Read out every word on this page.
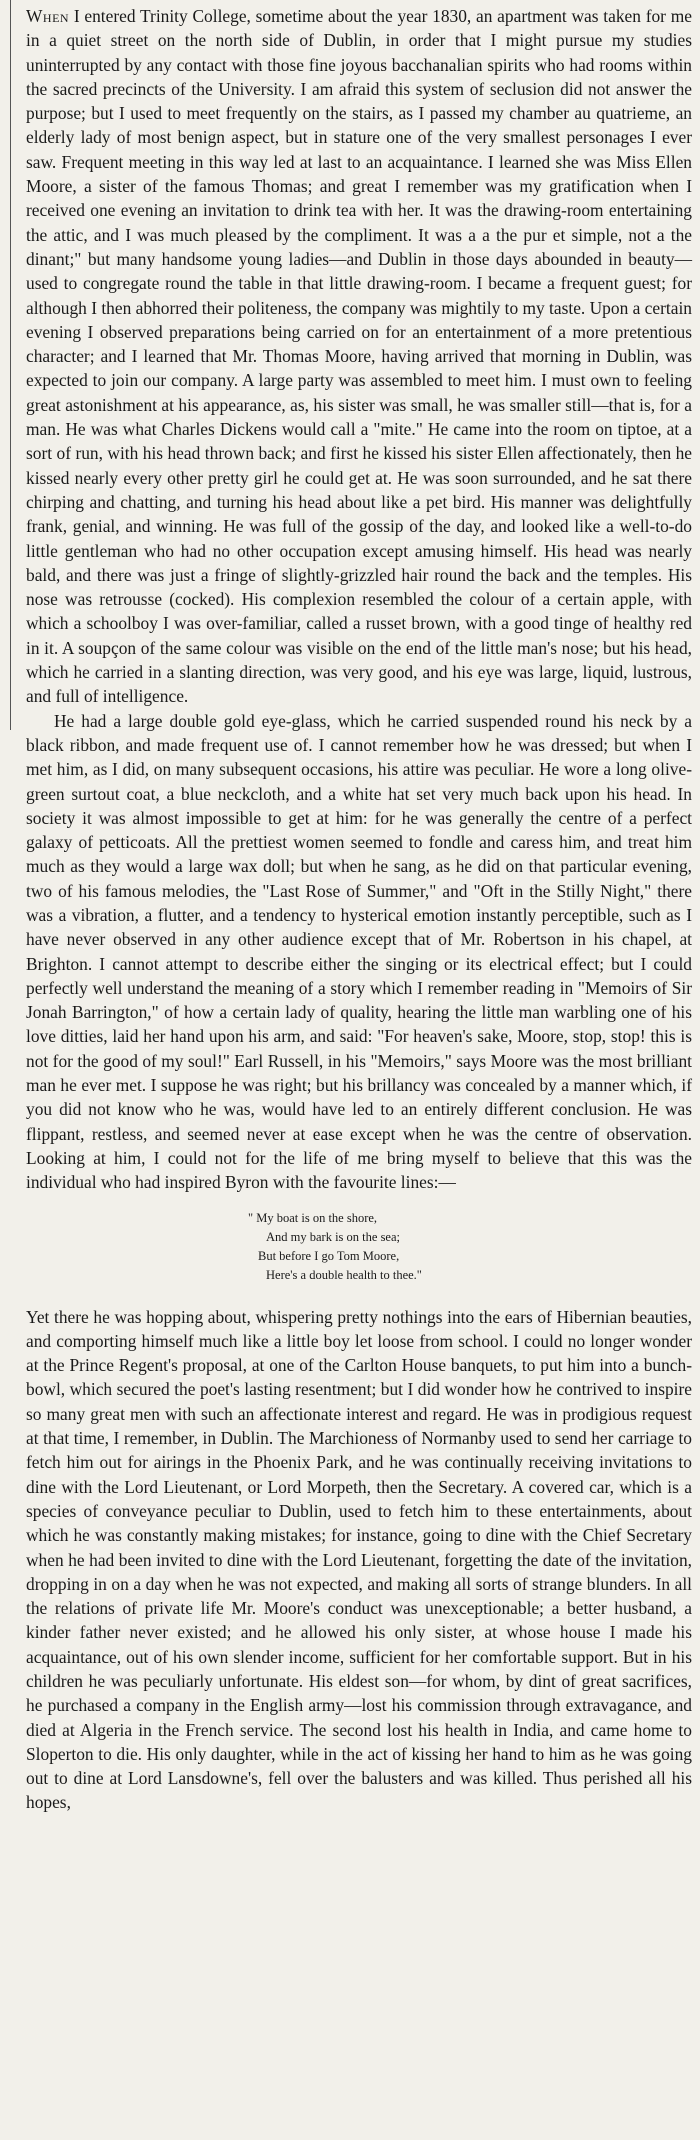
When I entered Trinity College, sometime about the year 1830, an apartment was taken for me in a quiet street on the north side of Dublin, in order that I might pursue my studies uninterrupted by any contact with those fine joyous bacchanalian spirits who had rooms within the sacred precincts of the University. I am afraid this system of seclusion did not answer the purpose; but I used to meet frequently on the stairs, as I passed my chamber au quatrieme, an elderly lady of most benign aspect, but in stature one of the very smallest personages I ever saw. Frequent meeting in this way led at last to an acquaintance. I learned she was Miss Ellen Moore, a sister of the famous Thomas; and great I remember was my gratification when I received one evening an invitation to drink tea with her. It was the drawing-room entertaining the attic, and I was much pleased by the compliment. It was a a the pur et simple, not a the dinant;" but many handsome young ladies—and Dublin in those days abounded in beauty—used to congregate round the table in that little drawing-room. I became a frequent guest; for although I then abhorred their politeness, the company was mightily to my taste. Upon a certain evening I observed preparations being carried on for an entertainment of a more pretentious character; and I learned that Mr. Thomas Moore, having arrived that morning in Dublin, was expected to join our company. A large party was assembled to meet him. I must own to feeling great astonishment at his appearance, as, his sister was small, he was smaller still—that is, for a man. He was what Charles Dickens would call a "mite." He came into the room on tiptoe, at a sort of run, with his head thrown back; and first he kissed his sister Ellen affectionately, then he kissed nearly every other pretty girl he could get at. He was soon surrounded, and he sat there chirping and chatting, and turning his head about like a pet bird. His manner was delightfully frank, genial, and winning. He was full of the gossip of the day, and looked like a well-to-do little gentleman who had no other occupation except amusing himself. His head was nearly bald, and there was just a fringe of slightly-grizzled hair round the back and the temples. His nose was retrousse (cocked). His complexion resembled the colour of a certain apple, with which a schoolboy I was over-familiar, called a russet brown, with a good tinge of healthy red in it. A soupçon of the same colour was visible on the end of the little man's nose; but his head, which he carried in a slanting direction, was very good, and his eye was large, liquid, lustrous, and full of intelligence.

He had a large double gold eye-glass, which he carried suspended round his neck by a black ribbon, and made frequent use of. I cannot remember how he was dressed; but when I met him, as I did, on many subsequent occasions, his attire was peculiar. He wore a long olive-green surtout coat, a blue neckcloth, and a white hat set very much back upon his head. In society it was almost impossible to get at him: for he was generally the centre of a perfect galaxy of petticoats. All the prettiest women seemed to fondle and caress him, and treat him much as they would a large wax doll; but when he sang, as he did on that particular evening, two of his famous melodies, the "Last Rose of Summer," and "Oft in the Stilly Night," there was a vibration, a flutter, and a tendency to hysterical emotion instantly perceptible, such as I have never observed in any other audience except that of Mr. Robertson in his chapel, at Brighton. I cannot attempt to describe either the singing or its electrical effect; but I could perfectly well understand the meaning of a story which I remember reading in "Memoirs of Sir Jonah Barrington," of how a certain lady of quality, hearing the little man warbling one of his love ditties, laid her hand upon his arm, and said: "For heaven's sake, Moore, stop, stop! this is not for the good of my soul!" Earl Russell, in his "Memoirs," says Moore was the most brilliant man he ever met. I suppose he was right; but his brillancy was concealed by a manner which, if you did not know who he was, would have led to an entirely different conclusion. He was flippant, restless, and seemed never at ease except when he was the centre of observation. Looking at him, I could not for the life of me bring myself to believe that this was the individual who had inspired Byron with the favourite lines:—

" My boat is on the shore,
And my bark is on the sea;
But before I go Tom Moore,
Here's a double health to thee."

Yet there he was hopping about, whispering pretty nothings into the ears of Hibernian beauties, and comporting himself much like a little boy let loose from school. I could no longer wonder at the Prince Regent's proposal, at one of the Carlton House banquets, to put him into a bunch-bowl, which secured the poet's lasting resentment; but I did wonder how he contrived to inspire so many great men with such an affectionate interest and regard. He was in prodigious request at that time, I remember, in Dublin. The Marchioness of Normanby used to send her carriage to fetch him out for airings in the Phoenix Park, and he was continually receiving invitations to dine with the Lord Lieutenant, or Lord Morpeth, then the Secretary. A covered car, which is a species of conveyance peculiar to Dublin, used to fetch him to these entertainments, about which he was constantly making mistakes; for instance, going to dine with the Chief Secretary when he had been invited to dine with the Lord Lieutenant, forgetting the date of the invitation, dropping in on a day when he was not expected, and making all sorts of strange blunders. In all the relations of private life Mr. Moore's conduct was unexceptionable; a better husband, a kinder father never existed; and he allowed his only sister, at whose house I made his acquaintance, out of his own slender income, sufficient for her comfortable support. But in his children he was peculiarly unfortunate. His eldest son—for whom, by dint of great sacrifices, he purchased a company in the English army—lost his commission through extravagance, and died at Algeria in the French service. The second lost his health in India, and came home to Sloperton to die. His only daughter, while in the act of kissing her hand to him as he was going out to dine at Lord Lansdowne's, fell over the balusters and was killed. Thus perished all his hopes,
